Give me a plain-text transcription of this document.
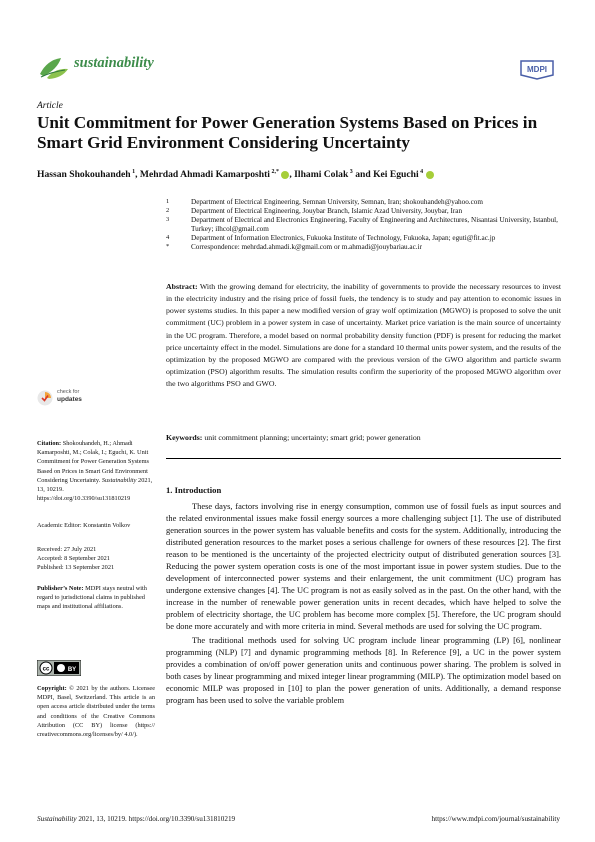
sustainability	MDPI
Article
Unit Commitment for Power Generation Systems Based on Prices in Smart Grid Environment Considering Uncertainty
Hassan Shokouhandeh $^1$, Mehrdad Ahmadi Kamarposhti $^{2,*}$ , Ilhami Colak $^3$ and Kei Eguchi $^4$
1	Department of Electrical Engineering, Semnan University, Semnan, Iran; shokouhandeh@yahoo.com
2	Department of Electrical Engineering, Jouybar Branch, Islamic Azad University, Jouybar, Iran
3	Department of Electrical and Electronics Engineering, Faculty of Engineering and Architectures, Nisantasi University, Istanbul, Turkey; ilhcol@gmail.com
4	Department of Information Electronics, Fukuoka Institute of Technology, Fukuoka, Japan; eguti@fit.ac.jp
*	Correspondence: mehrdad.ahmadi.k@gmail.com or m.ahmadi@jouybariau.ac.ir

Abstract: With the growing demand for electricity, the inability of governments to provide the necessary resources to invest in the electricity industry and the rising price of fossil fuels, the tendency is to study and pay attention to economic issues in power systems studies. In this paper a new modified version of gray wolf optimization (MGWO) is proposed to solve the unit commitment (UC) problem in a power system in case of uncertainty. Market price variation is the main source of uncertainty in the UC program. Therefore, a model based on normal probability density function (PDF) is present for reducing the market price uncertainty effect in the model. Simulations are done for a standard 10 thermal units power system, and the results of the optimization by the proposed MGWO are compared with the previous version of the GWO algorithm and particle swarm optimization (PSO) algorithm results. The simulation results confirm the superiority of the proposed MGWO algorithm over the two algorithms PSO and GWO.

Keywords: unit commitment planning; uncertainty; smart grid; power generation

check for
updates
Citation: Shokouhandeh, H.; Ahmadi Kamarposhti, M.; Colak, I.; Eguchi, K. Unit Commitment for Power Generation Systems Based on Prices in Smart Grid Environment Considering Uncertainty. Sustainability 2021, 13, 10219. https://doi.org/10.3390/su131810219
Academic Editor: Konstantin Volkov
Received: 27 July 2021
Accepted: 8 September 2021
Published: 13 September 2021
Publisher’s Note: MDPI stays neutral with regard to jurisdictional claims in published maps and institutional affiliations.
cc	BY
Copyright: © 2021 by the authors. Licensee MDPI, Basel, Switzerland. This article is an open access article distributed under the terms and conditions of the Creative Commons Attribution (CC BY) license (https:// creativecommons.org/licenses/by/ 4.0/).
1. Introduction

These days, factors involving rise in energy consumption, common use of fossil fuels as input sources and the related environmental issues make fossil energy sources a more challenging subject [1]. The use of distributed generation sources in the power system has valuable benefits and costs for the system. Additionally, introducing the distributed generation resources to the market poses a serious challenge for owners of these resources [2]. The first reason to be mentioned is the uncertainty of the projected electricity output of distributed generation sources [3]. Reducing the power system operation costs is one of the most important issue in power system studies. Due to the development of interconnected power systems and their enlargement, the unit commitment (UC) program has undergone extensive changes [4]. The UC program is not as easily solved as in the past. On the other hand, with the increase in the number of renewable power generation units in recent decades, which have helped to solve the problem of electricity shortage, the UC problem has become more complex [5]. Therefore, the UC program should be done more accurately and with more criteria in mind. Several methods are used for solving the UC program.

The traditional methods used for solving UC program include linear programming (LP) [6], nonlinear programming (NLP) [7] and dynamic programming methods [8]. In Reference [9], a UC in the power system provides a combination of on/off power generation units and continuous power sharing. The problem is solved in both cases by linear programming and mixed integer linear programming (MILP). The optimization model based on economic MILP was proposed in [10] to plan the power generation of units. Additionally, a demand response program has been used to solve the variable problem

Sustainability 2021, 13, 10219. https://doi.org/10.3390/su131810219	https://www.mdpi.com/journal/sustainability
